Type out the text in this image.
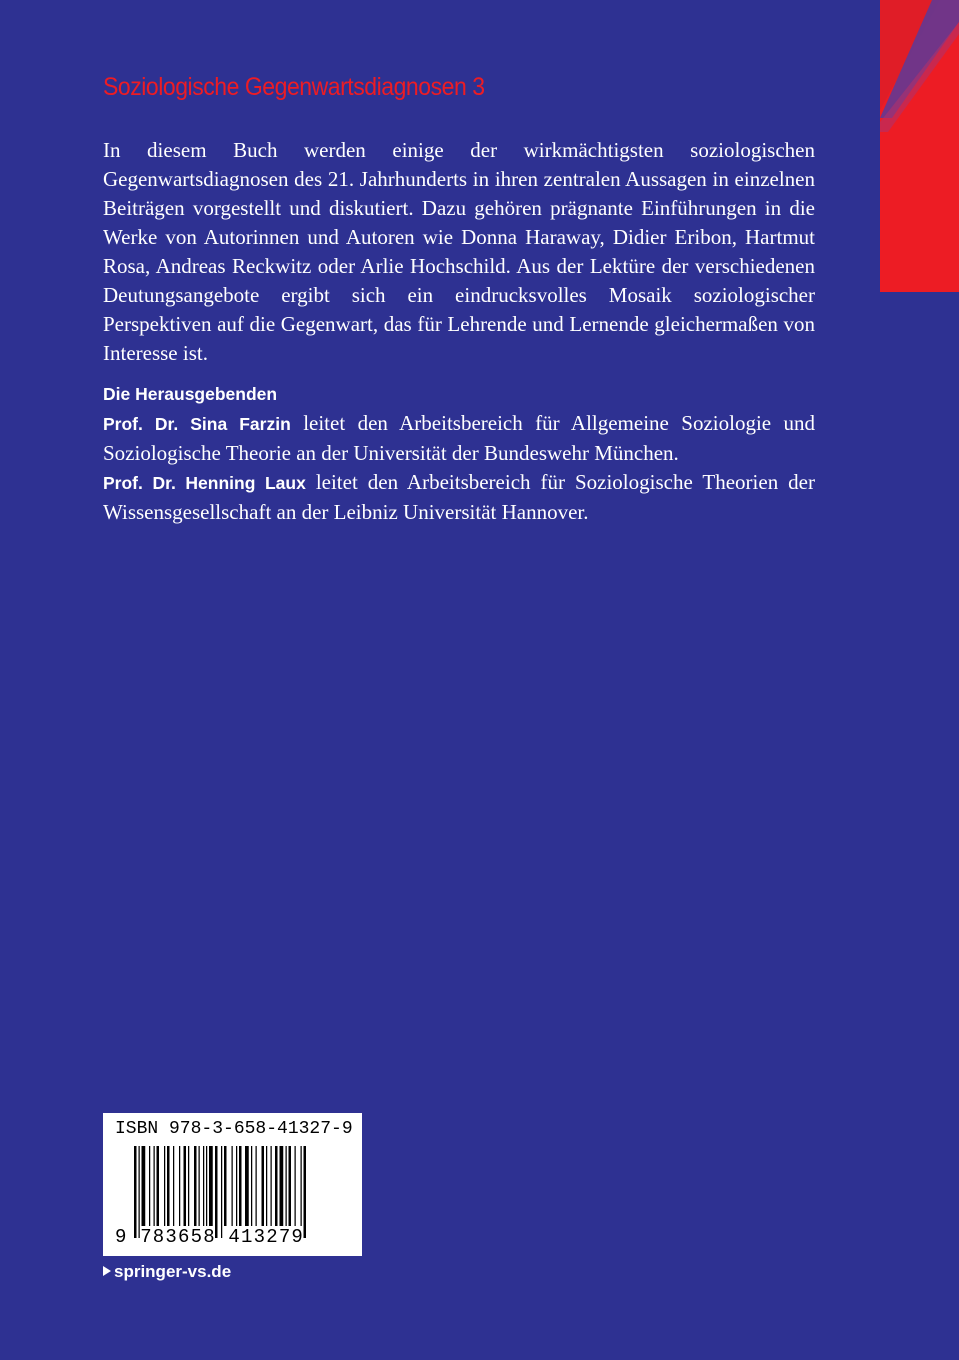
Soziologische Gegenwartsdiagnosen 3

In diesem Buch werden einige der wirkmächtigsten soziologischen Gegenwartsdiagnosen des 21. Jahrhunderts in ihren zentralen Aussagen in einzelnen Beiträgen vorgestellt und diskutiert. Dazu gehören prägnante Einführungen in die Werke von Autorinnen und Autoren wie Donna Haraway, Didier Eribon, Hartmut Rosa, Andreas Reckwitz oder Arlie Hochschild. Aus der Lektüre der verschiedenen Deutungsangebote ergibt sich ein eindrucksvolles Mosaik soziologischer Perspektiven auf die Gegenwart, das für Lehrende und Lernende gleichermaßen von Interesse ist.

Die Herausgebenden

Prof. Dr. Sina Farzin leitet den Arbeitsbereich für Allgemeine Soziologie und Soziologische Theorie an der Universität der Bundeswehr München.

Prof. Dr. Henning Laux leitet den Arbeitsbereich für Soziologische Theorien der Wissensgesellschaft an der Leibniz Universität Hannover.

ISBN 978-3-658-41327-9
9 783658 413279
springer-vs.de
